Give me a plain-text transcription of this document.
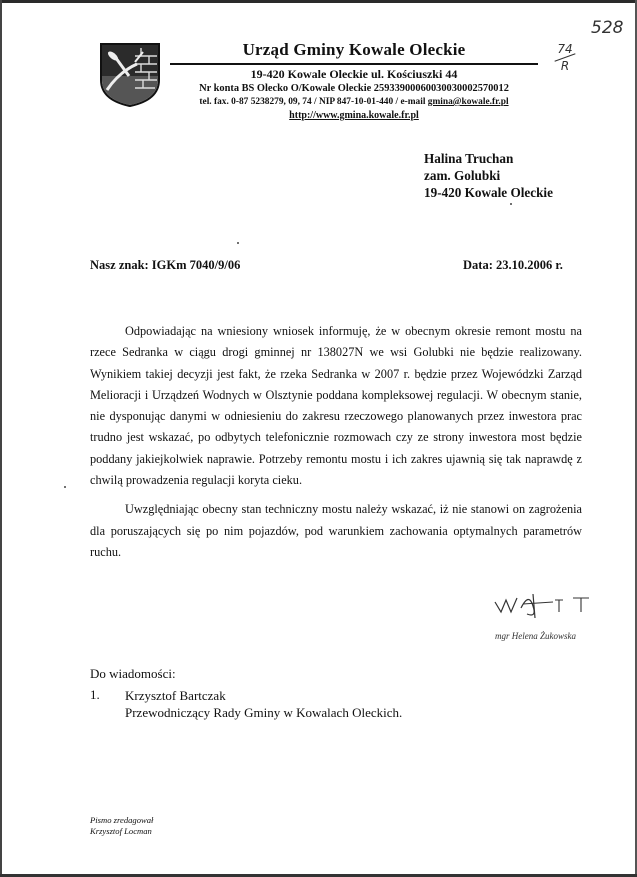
Urząd Gminy Kowale Oleckie
19-420 Kowale Oleckie ul. Kościuszki 44
Nr konta BS Olecko O/Kowale Oleckie 25933900060030030002570012
tel. fax. 0-87 5238279, 09, 74 / NIP 847-10-01-440 / e-mail gmina@kowale.fr.pl
http://www.gmina.kowale.fr.pl
528
74
R
Halina Truchan
zam. Golubki
19-420 Kowale Oleckie
Nasz znak: IGKm 7040/9/06	Data: 23.10.2006 r.

Odpowiadając na wniesiony wniosek informuję, że w obecnym okresie remont mostu na rzece Sedranka w ciągu drogi gminnej nr 138027N we wsi Golubki nie będzie realizowany. Wynikiem takiej decyzji jest fakt, że rzeka Sedranka w 2007 r. będzie przez Wojewódzki Zarząd Melioracji i Urządzeń Wodnych w Olsztynie poddana kompleksowej regulacji. W obecnym stanie, nie dysponując danymi w odniesieniu do zakresu rzeczowego planowanych przez inwestora prac trudno jest wskazać, po odbytych telefonicznie rozmowach czy ze strony inwestora most będzie poddany jakiejkolwiek naprawie. Potrzeby remontu mostu i ich zakres ujawnią się tak naprawdę z chwilą prowadzenia regulacji koryta cieku.

Uwzględniając obecny stan techniczny mostu należy wskazać, iż nie stanowi on zagrożenia dla poruszających się po nim pojazdów, pod warunkiem zachowania optymalnych parametrów ruchu.

mgr Helena Żukowska
Do wiadomości:
1. Krzysztof Bartczak
Przewodniczący Rady Gminy w Kowalach Oleckich.
Pismo zredagował
Krzysztof Locman
